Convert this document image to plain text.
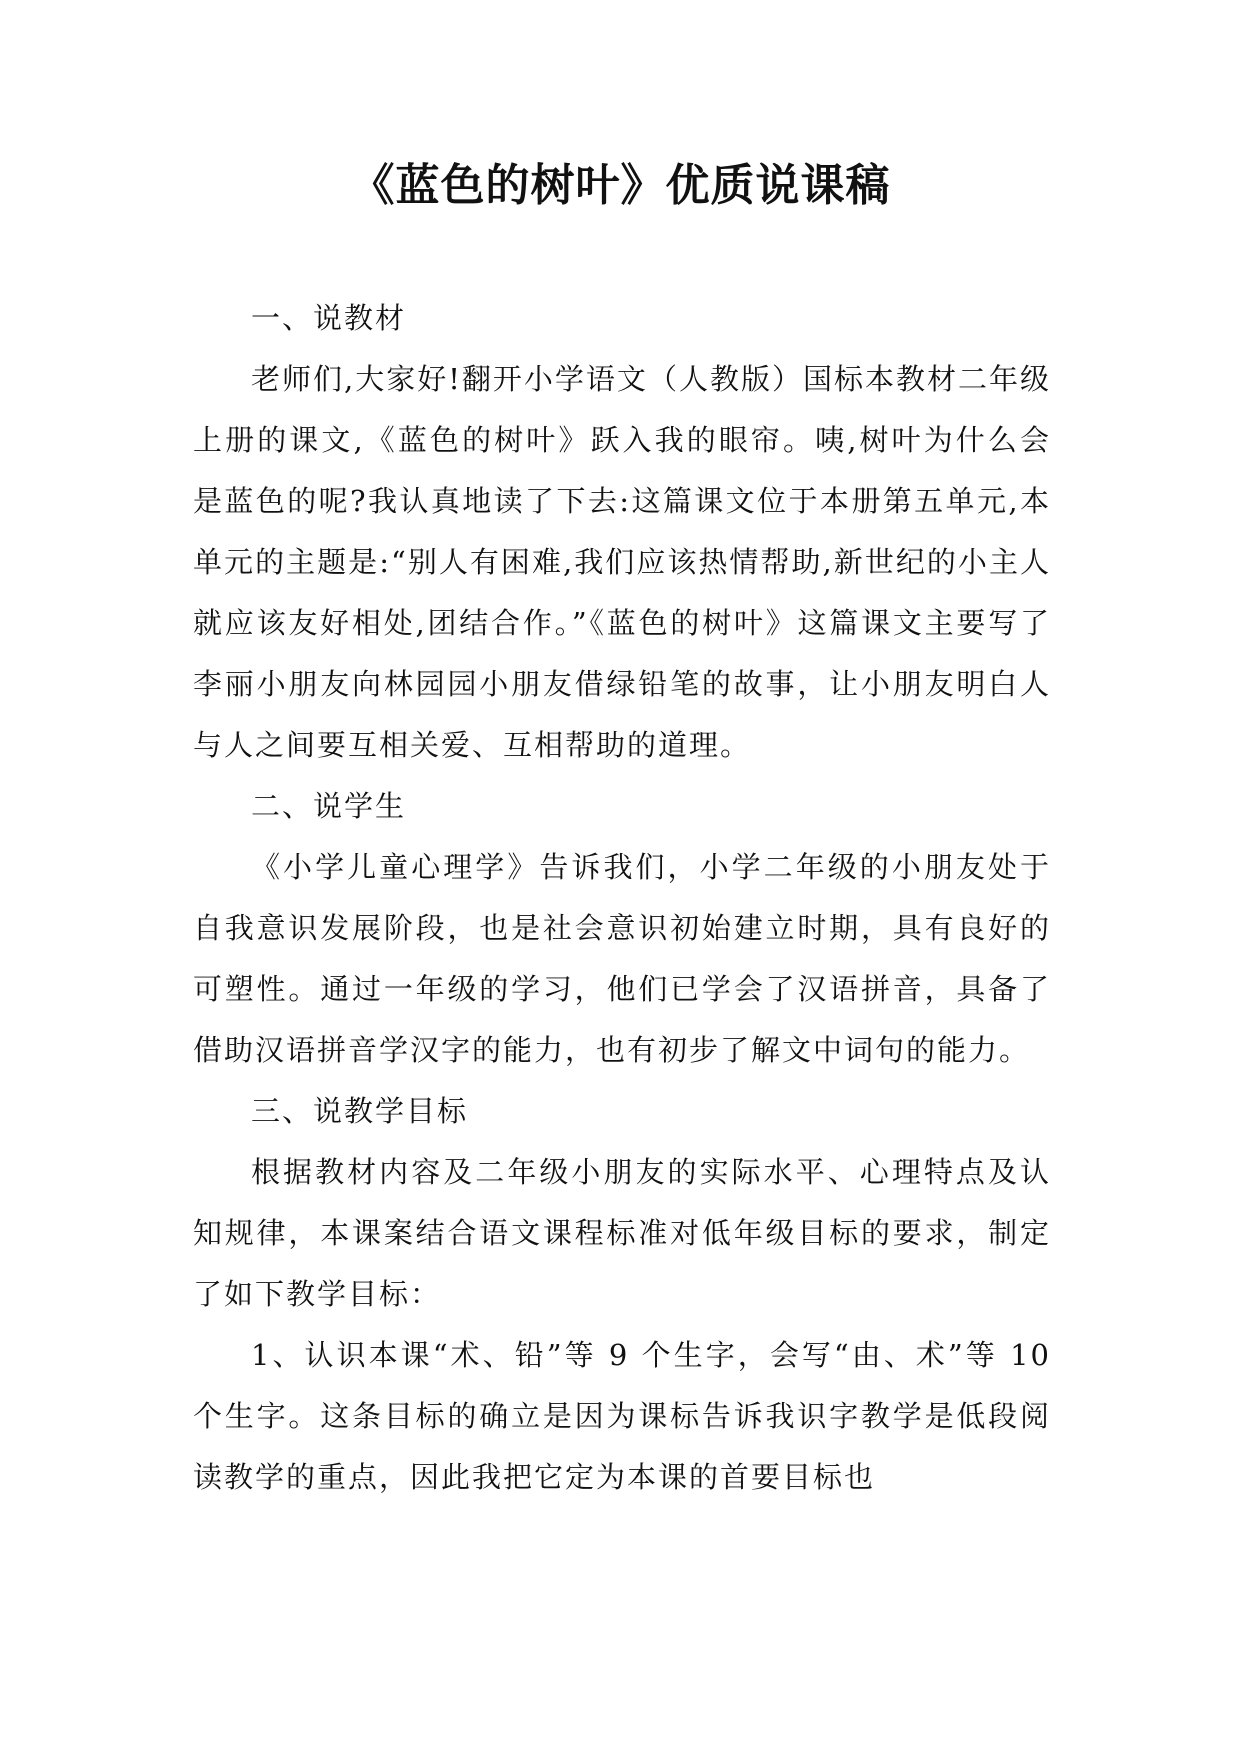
《蓝色的树叶》优质说课稿

一、说教材

老师们,大家好!翻开小学语文（人教版）国标本教材二年级上册的课文,《蓝色的树叶》跃入我的眼帘。咦,树叶为什么会是蓝色的呢?我认真地读了下去:这篇课文位于本册第五单元,本单元的主题是:“别人有困难,我们应该热情帮助,新世纪的小主人就应该友好相处,团结合作。”《蓝色的树叶》这篇课文主要写了李丽小朋友向林园园小朋友借绿铅笔的故事，让小朋友明白人与人之间要互相关爱、互相帮助的道理。

二、说学生

《小学儿童心理学》告诉我们，小学二年级的小朋友处于自我意识发展阶段，也是社会意识初始建立时期，具有良好的可塑性。通过一年级的学习，他们已学会了汉语拼音，具备了借助汉语拼音学汉字的能力，也有初步了解文中词句的能力。

三、说教学目标

根据教材内容及二年级小朋友的实际水平、心理特点及认知规律，本课案结合语文课程标准对低年级目标的要求，制定了如下教学目标：

1、认识本课“术、铅”等 9 个生字，会写“由、术”等 10 个生字。这条目标的确立是因为课标告诉我识字教学是低段阅读教学的重点，因此我把它定为本课的首要目标也
